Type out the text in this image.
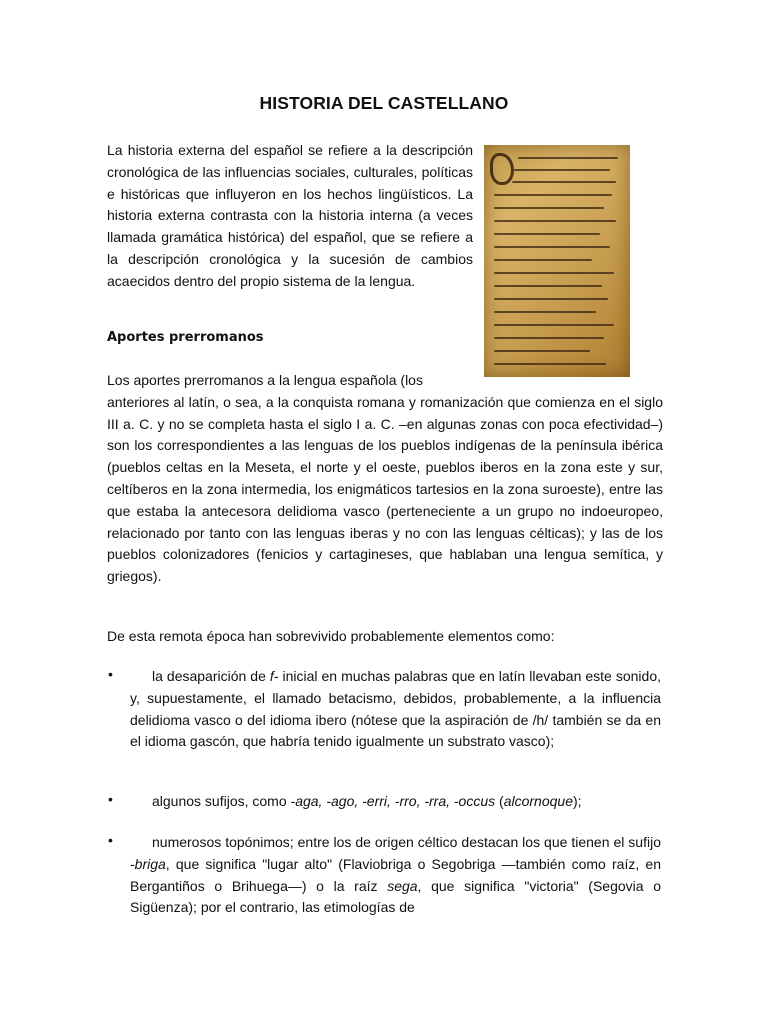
HISTORIA DEL CASTELLANO
La historia externa del español se refiere a la descripción cronológica de las influencias sociales, culturales, políticas e históricas que influyeron en los hechos lingüísticos. La historia externa contrasta con la historia interna (a veces llamada gramática histórica) del español, que se refiere a la descripción cronológica y la sucesión de cambios acaecidos dentro del propio sistema de la lengua.
Aportes prerromanos
Los aportes prerromanos a la lengua española (los
anteriores al latín, o sea, a la conquista romana y romanización que comienza en el siglo III a. C. y no se completa hasta el siglo I a. C. –en algunas zonas con poca efectividad–) son los correspondientes a las lenguas de los pueblos indígenas de la península ibérica (pueblos celtas en la Meseta, el norte y el oeste, pueblos iberos en la zona este y sur, celtíberos en la zona intermedia, los enigmáticos tartesios en la zona suroeste), entre las que estaba la antecesora delidioma vasco (perteneciente a un grupo no indoeuropeo, relacionado por tanto con las lenguas iberas y no con las lenguas célticas); y las de los pueblos colonizadores (fenicios y cartagineses, que hablaban una lengua semítica, y griegos).
De esta remota época han sobrevivido probablemente elementos como:
•	la desaparición de f- inicial en muchas palabras que en latín llevaban este sonido, y, supuestamente, el llamado betacismo, debidos, probablemente, a la influencia delidioma vasco o del idioma ibero (nótese que la aspiración de /h/ también se da en el idioma gascón, que habría tenido igualmente un substrato vasco);
•	algunos sufijos, como -aga, -ago, -erri, -rro, -rra, -occus (alcornoque);
•	numerosos topónimos; entre los de origen céltico destacan los que tienen el sufijo -briga, que significa "lugar alto" (Flaviobriga o Segobriga —también como raíz, en Bergantiños o Brihuega—) o la raíz sega, que significa "victoria" (Segovia o Sigüenza); por el contrario, las etimologías de
